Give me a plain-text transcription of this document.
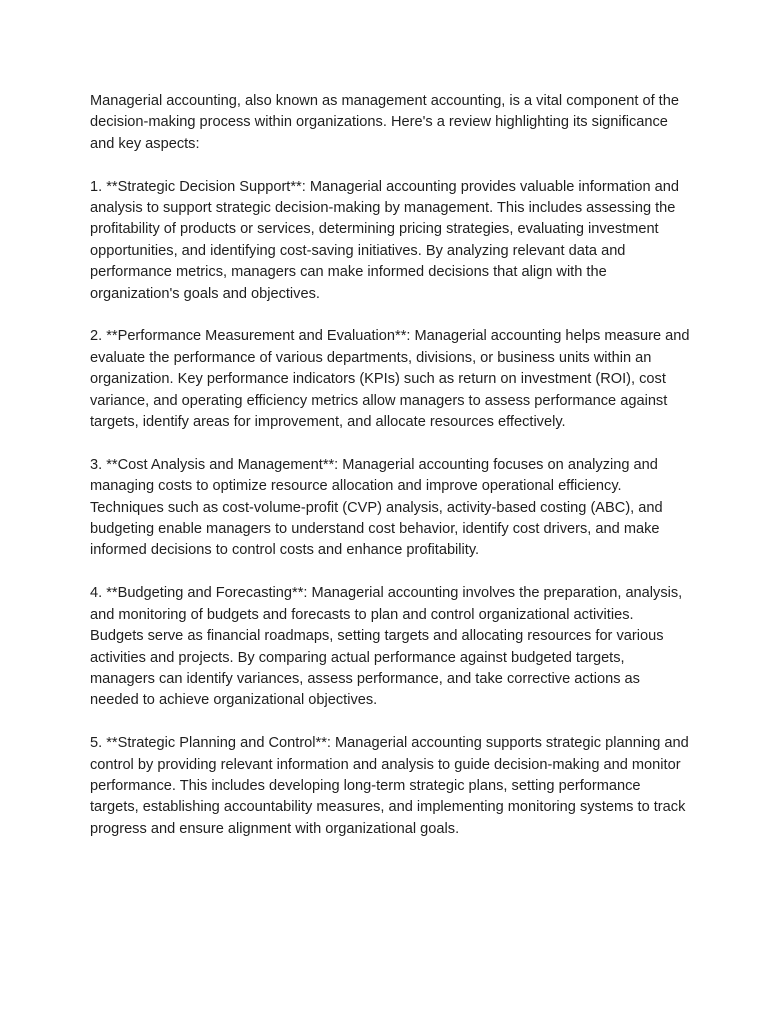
Managerial accounting, also known as management accounting, is a vital component of the decision-making process within organizations. Here's a review highlighting its significance and key aspects:

1. **Strategic Decision Support**: Managerial accounting provides valuable information and analysis to support strategic decision-making by management. This includes assessing the profitability of products or services, determining pricing strategies, evaluating investment opportunities, and identifying cost-saving initiatives. By analyzing relevant data and performance metrics, managers can make informed decisions that align with the organization's goals and objectives.

2. **Performance Measurement and Evaluation**: Managerial accounting helps measure and evaluate the performance of various departments, divisions, or business units within an organization. Key performance indicators (KPIs) such as return on investment (ROI), cost variance, and operating efficiency metrics allow managers to assess performance against targets, identify areas for improvement, and allocate resources effectively.

3. **Cost Analysis and Management**: Managerial accounting focuses on analyzing and managing costs to optimize resource allocation and improve operational efficiency. Techniques such as cost-volume-profit (CVP) analysis, activity-based costing (ABC), and budgeting enable managers to understand cost behavior, identify cost drivers, and make informed decisions to control costs and enhance profitability.

4. **Budgeting and Forecasting**: Managerial accounting involves the preparation, analysis, and monitoring of budgets and forecasts to plan and control organizational activities. Budgets serve as financial roadmaps, setting targets and allocating resources for various activities and projects. By comparing actual performance against budgeted targets, managers can identify variances, assess performance, and take corrective actions as needed to achieve organizational objectives.

5. **Strategic Planning and Control**: Managerial accounting supports strategic planning and control by providing relevant information and analysis to guide decision-making and monitor performance. This includes developing long-term strategic plans, setting performance targets, establishing accountability measures, and implementing monitoring systems to track progress and ensure alignment with organizational goals.
